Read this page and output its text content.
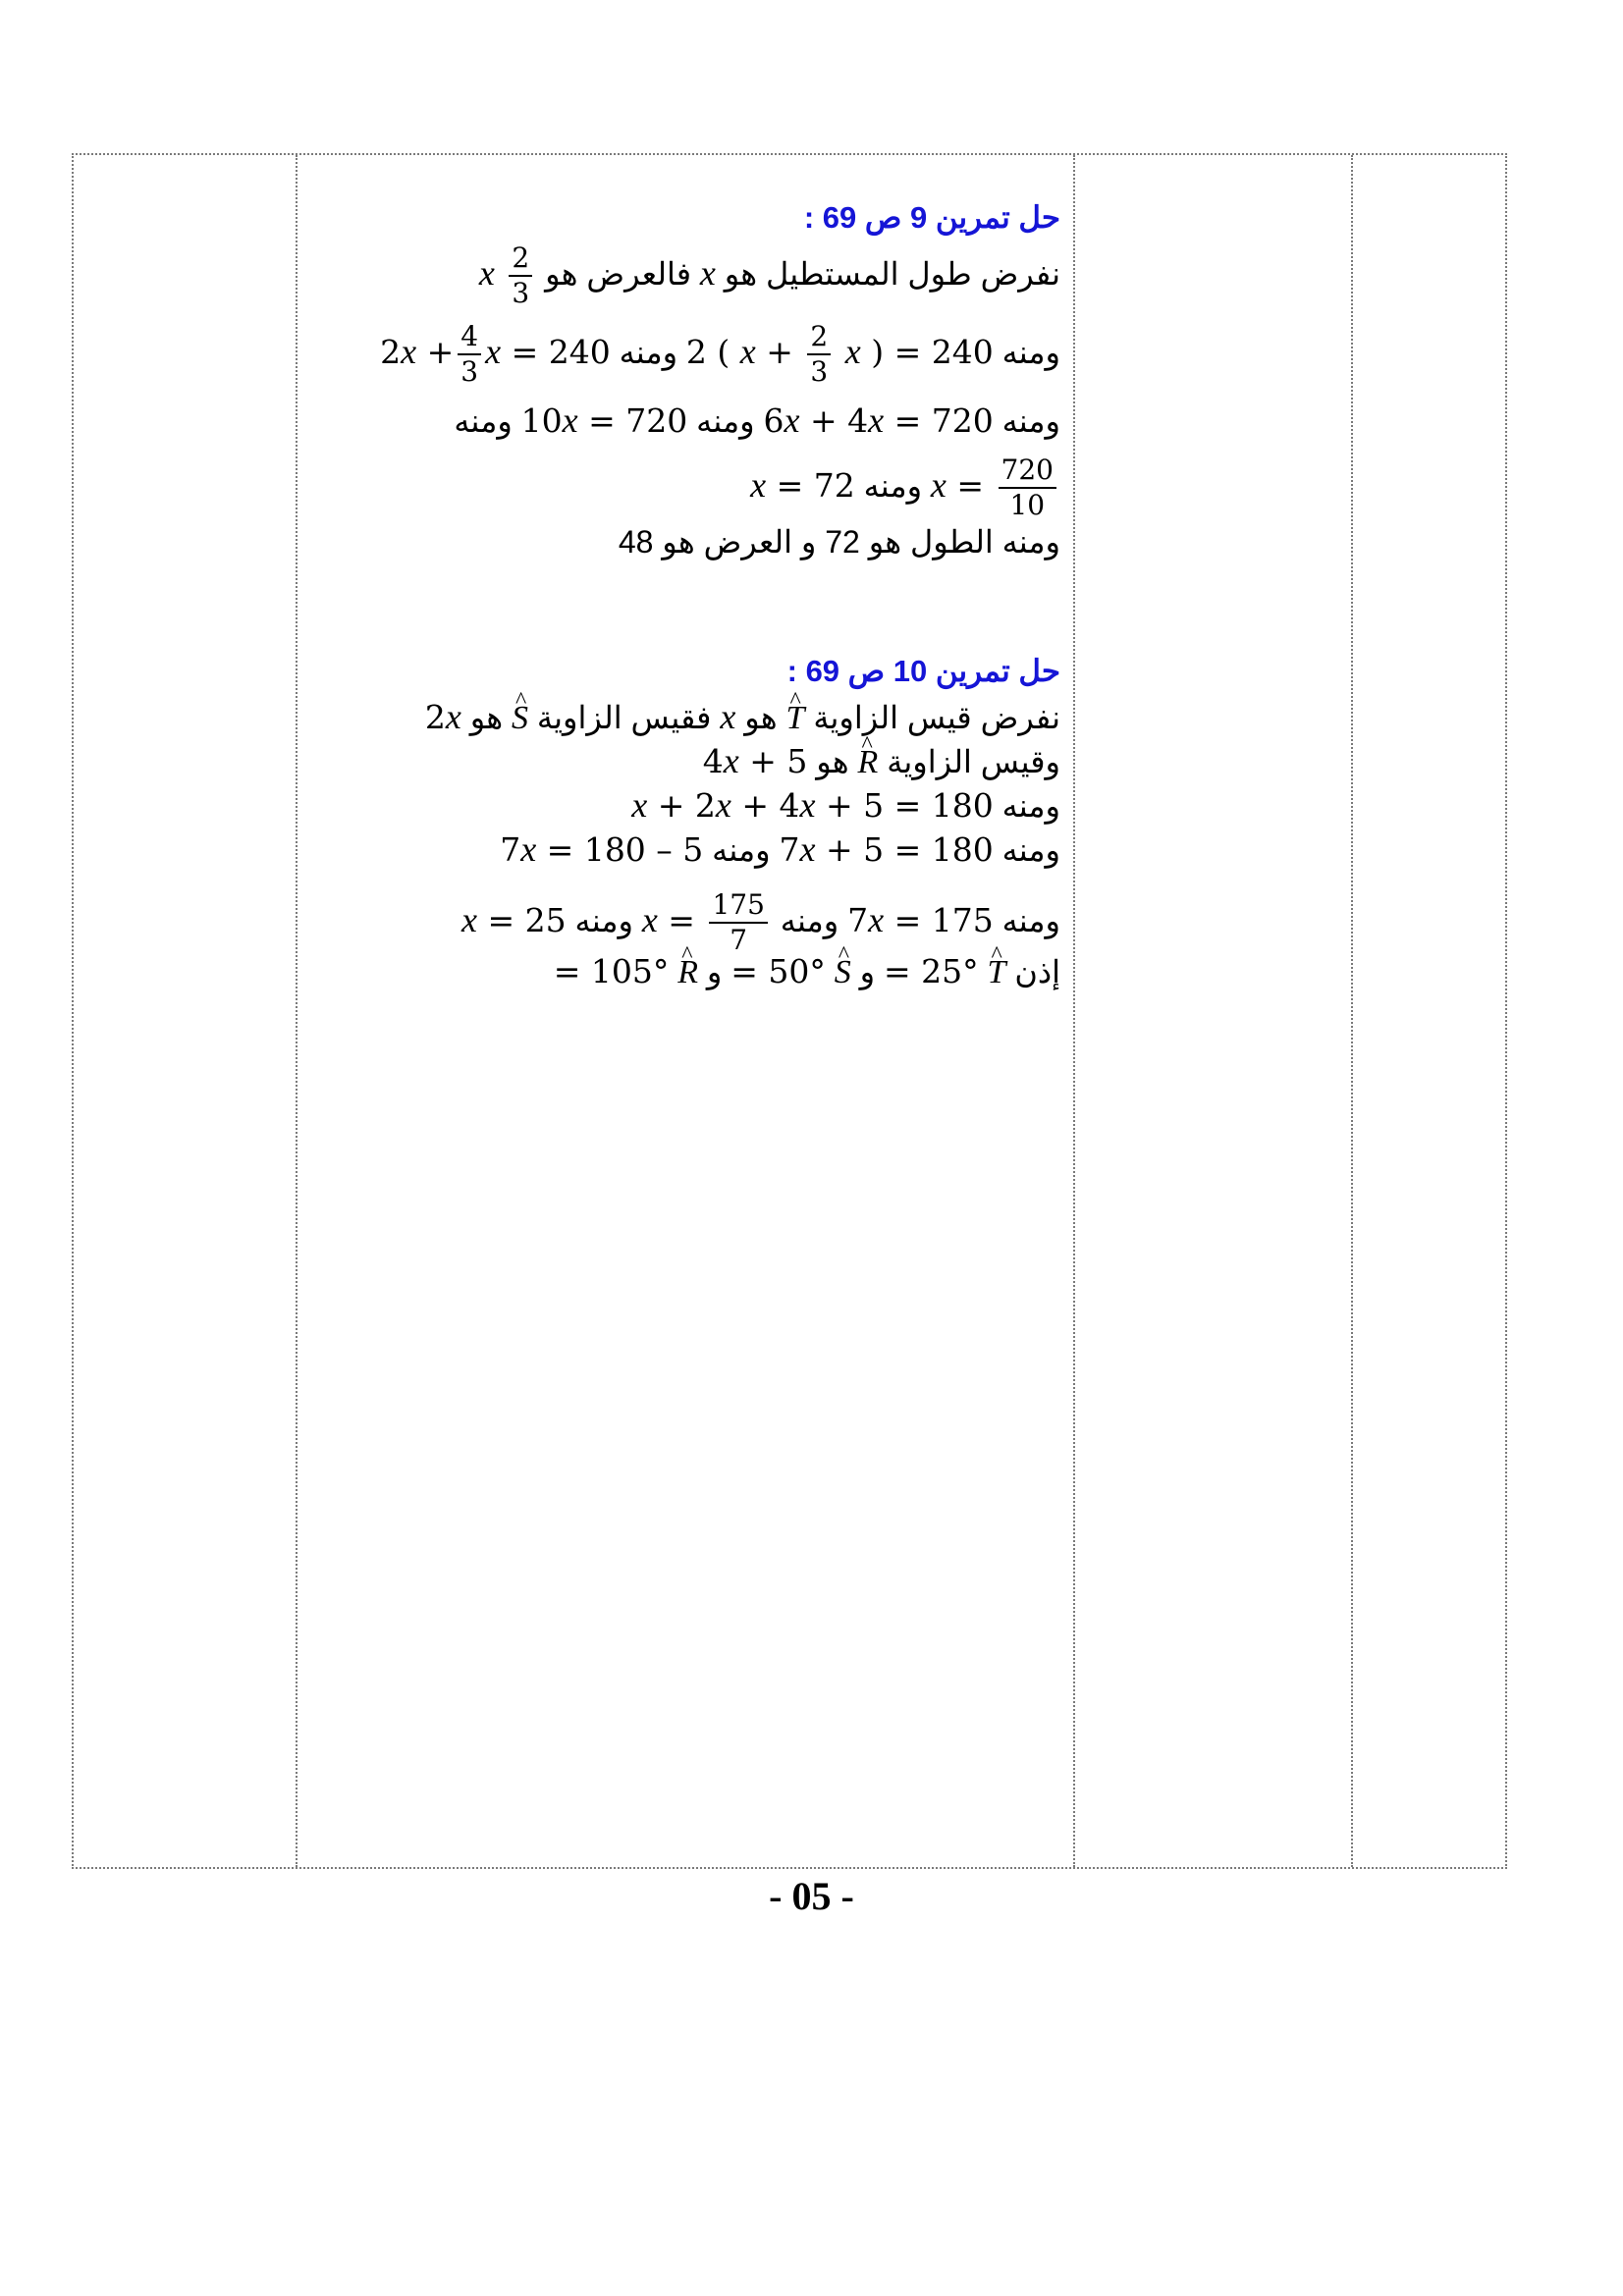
حل تمرين 9 ص 69 :
نفرض طول المستطيل هو x فالعرض هو x $\frac{2}{3}$
ومنه 2 ( $x + \frac{2}{3}$ x ) = 240 ومنه $2x + \frac{4}{3}$ x = 240
ومنه 6x + 4x = 720 ومنه 10x = 720 ومنه
$x = \frac{720}{10}$
ومنه x = 72
ومنه الطول هو 72 و العرض هو 48
حل تمرين 10 ص 69 :
نفرض قيس الزاوية ^ T هو x فقيس الزاوية ^ S هو 2x
وقيس الزاوية ^ R هو 4x + 5
ومنه x + 2x + 4x + 5 = 180
ومنه 7x + 5 = 180 ومنه 7x = 180 – 5
ومنه 7x = 175 ومنه $x = \frac{175}{7}$
ومنه x = 25
إذن ^ T = 25° و ^ S = 50° و ^ R = 105°
- 05 -
